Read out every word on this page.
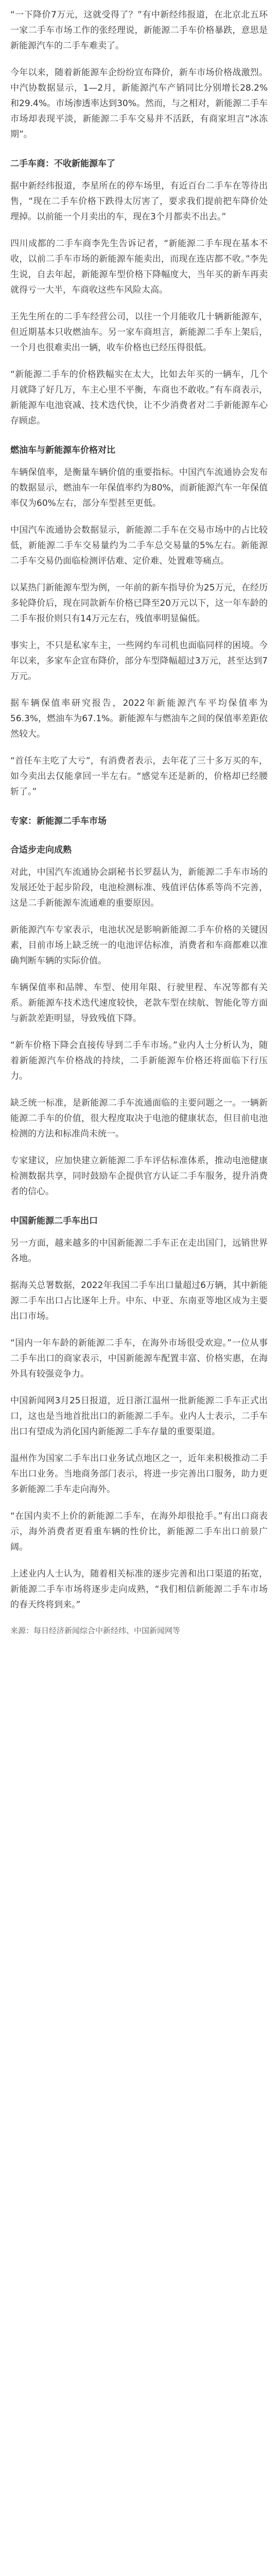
“一下降价7万元，这就受得了？”有中新经纬报道，在北京北五环一家二手车市场工作的张经理说，新能源二手车价格暴跌，意思是新能源汽车的二手车难卖了。

今年以来，随着新能源车企纷纷宣布降价，新车市场价格战激烈。中汽协数据显示，1—2月，新能源汽车产销同比分别增长28.2%和29.4%。市场渗透率达到30%。然而，与之相对，新能源二手车市场却表现平淡，新能源二手车交易并不活跃，有商家坦言“冰冻期”。

二手车商：不收新能源车了

据中新经纬报道，李星所在的停车场里，有近百台二手车在等待出售，“现在二手车价格下跌得太厉害了，要求我们提前把车降价处理掉。以前能一个月卖出的车，现在3个月都卖不出去。”

四川成都的二手车商李先生告诉记者，“新能源二手车现在基本不收，以前二手车市场的新能源车能卖出，而现在连店都不收。”李先生说，自去年起，新能源车型价格下降幅度大，当年买的新车再卖就得亏一大半，车商收这些车风险太高。

王先生所在的二手车经营公司，以往一个月能收几十辆新能源车，但近期基本只收燃油车。另一家车商坦言，新能源二手车上架后，一个月也很难卖出一辆，收车价格也已经压得很低。

“新能源二手车的价格跌幅实在太大，比如去年买的一辆车，几个月就降了好几万，车主心里不平衡，车商也不敢收。”有车商表示，新能源车电池衰减、技术迭代快，让不少消费者对二手新能源车心存顾虑。

燃油车与新能源车价格对比

车辆保值率，是衡量车辆价值的重要指标。中国汽车流通协会发布的数据显示，燃油车一年保值率约为80%，而新能源汽车一年保值率仅为60%左右，部分车型甚至更低。

中国汽车流通协会数据显示，新能源二手车在交易市场中的占比较低，新能源二手车交易量约为二手车总交易量的5%左右。新能源二手车交易仍面临检测评估难、定价难、处置难等痛点。

以某热门新能源车型为例，一年前的新车指导价为25万元，在经历多轮降价后，现在同款新车价格已降至20万元以下，这一年车龄的二手车报价则只有14万元左右，残值率明显偏低。

事实上，不只是私家车主，一些网约车司机也面临同样的困境。今年以来，多家车企宣布降价，部分车型降幅超过3万元，甚至达到7万元。

据车辆保值率研究报告，2022年新能源汽车平均保值率为56.3%，燃油车为67.1%。新能源车与燃油车之间的保值率差距依然较大。

“首任车主吃了大亏”，有消费者表示，去年花了三十多万买的车，如今卖出去仅能拿回一半左右。“感觉车还是新的，价格却已经腰斩了。”

专家：新能源二手车市场
合适步走向成熟

对此，中国汽车流通协会副秘书长罗磊认为，新能源二手车市场的发展还处于起步阶段，电池检测标准、残值评估体系等尚不完善，这是二手新能源车流通难的重要原因。

新能源汽车专家表示，电池状况是影响新能源二手车价格的关键因素，目前市场上缺乏统一的电池评估标准，消费者和车商都难以准确判断车辆的实际价值。

车辆保值率和品牌、车型、使用年限、行驶里程、车况等都有关系。新能源车技术迭代速度较快，老款车型在续航、智能化等方面与新款差距明显，导致残值下降。

“新车价格下降会直接传导到二手车市场。”业内人士分析认为，随着新能源汽车价格战的持续，二手新能源车价格还将面临下行压力。

缺乏统一标准，是新能源二手车流通面临的主要问题之一。一辆新能源二手车的价值，很大程度取决于电池的健康状态，但目前电池检测的方法和标准尚未统一。

专家建议，应加快建立新能源二手车评估标准体系，推动电池健康检测数据共享，同时鼓励车企提供官方认证二手车服务，提升消费者的信心。

中国新能源二手车出口

另一方面，越来越多的中国新能源二手车正在走出国门，远销世界各地。

据海关总署数据，2022年我国二手车出口量超过6万辆，其中新能源二手车出口占比逐年上升。中东、中亚、东南亚等地区成为主要出口市场。

“国内一年车龄的新能源二手车，在海外市场很受欢迎。”一位从事二手车出口的商家表示，中国新能源车配置丰富、价格实惠，在海外具有较强竞争力。

中国新闻网3月25日报道，近日浙江温州一批新能源二手车正式出口，这也是当地首批出口的新能源二手车。业内人士表示，二手车出口有望成为消化国内新能源二手车存量的重要渠道。

温州作为国家二手车出口业务试点地区之一，近年来积极推动二手车出口业务。当地商务部门表示，将进一步完善出口服务，助力更多新能源二手车走向海外。

“在国内卖不上价的新能源二手车，在海外却很抢手。”有出口商表示，海外消费者更看重车辆的性价比，新能源二手车出口前景广阔。

上述业内人士认为，随着相关标准的逐步完善和出口渠道的拓宽，新能源二手车市场将逐步走向成熟，“我们相信新能源二手车市场的春天终将到来。”

来源：每日经济新闻综合中新经纬、中国新闻网等
